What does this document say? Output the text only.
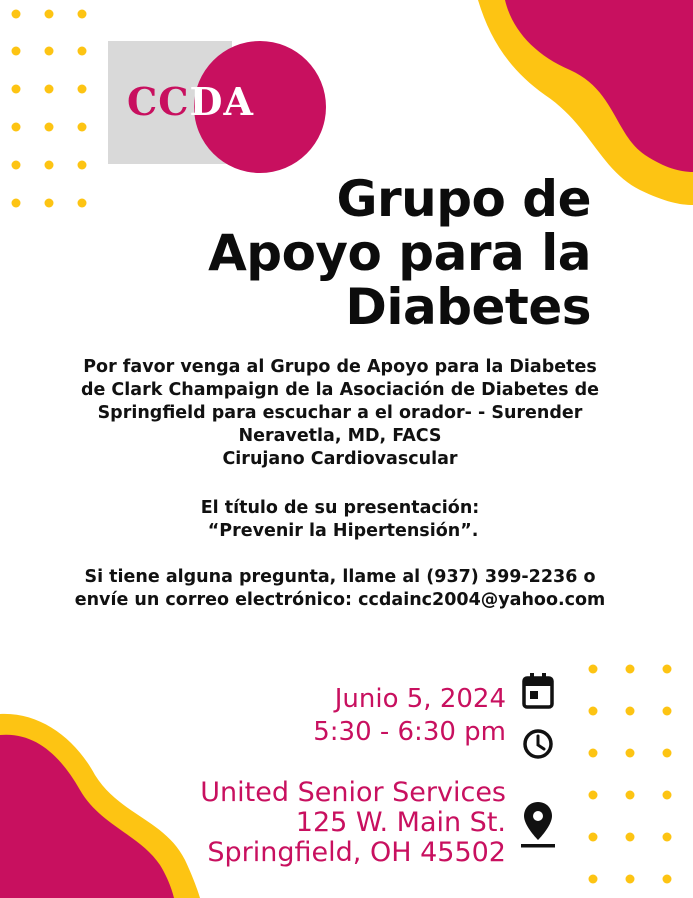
CCDA
Grupo de
Apoyo para la
Diabetes
Por favor venga al Grupo de Apoyo para la Diabetes
de Clark Champaign de la Asociación de Diabetes de
Springfield para escuchar a el orador- - Surender
Neravetla, MD, FACS
Cirujano Cardiovascular
El título de su presentación:
“Prevenir la Hipertensión”.
Si tiene alguna pregunta, llame al (937) 399-2236 o
envíe un correo electrónico: ccdainc2004@yahoo.com
Junio 5, 2024
5:30 - 6:30 pm
United Senior Services
125 W. Main St.
Springfield, OH 45502
